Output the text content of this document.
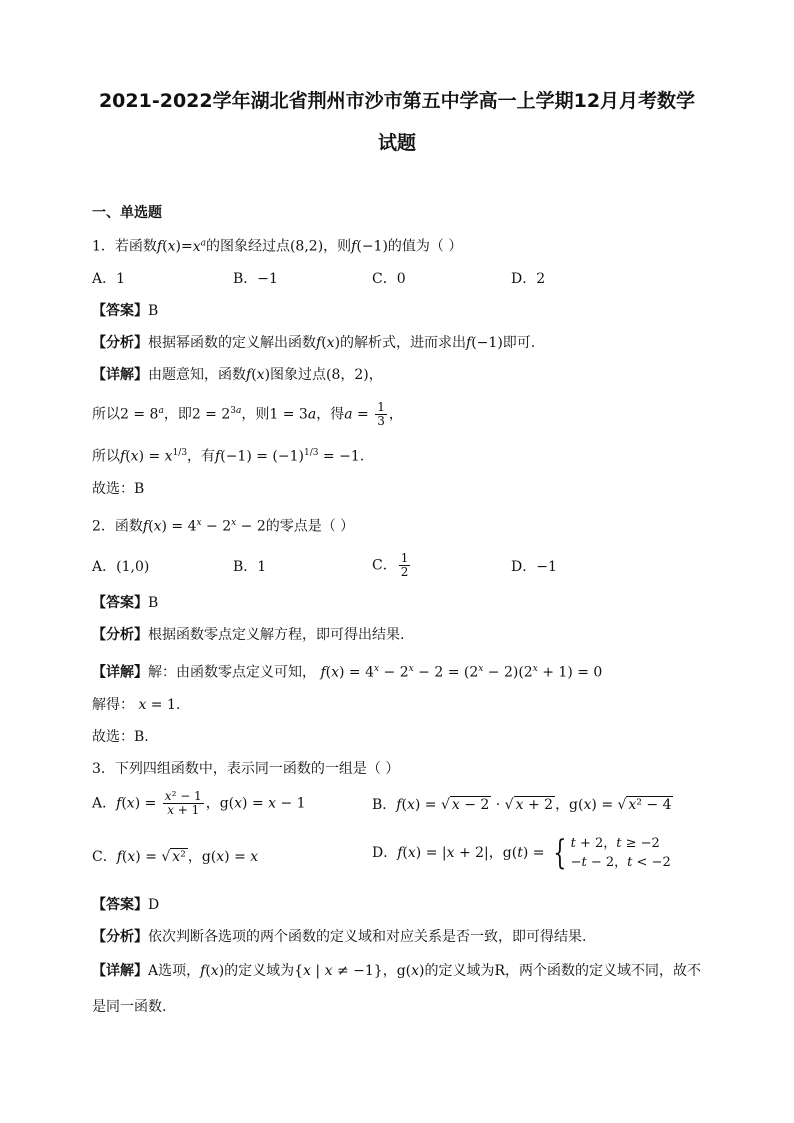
2021-2022学年湖北省荆州市沙市第五中学高一上学期12月月考数学
试题
一、单选题
1．若函数$f(x)=x^a$的图象经过点(8,2)，则f(−1)的值为（ ）
A．1	B．−1	C．0	D．2
【答案】B
【分析】根据幂函数的定义解出函数f(x)的解析式，进而求出f(−1)即可.
【详解】由题意知，函数f(x)图象过点(8，2)，
所以$2 = 8^a$，即$2 = 2^{3a}$，则1 = 3a，得$a = \frac{1}{3}$ ，
所以$f(x) = x^{1/3}$，有$f(-1) = (-1)^{1/3} = -1$.
故选：B
2．函数$f(x) = 4^x - 2^x - 2$的零点是（ ）
A．(1,0)	B．1	C． $\frac{1}{2}$	D．−1
【答案】B
【分析】根据函数零点定义解方程，即可得出结果.
【详解】解：由函数零点定义可知， $f(x) = 4^x - 2^x - 2 = (2^x - 2)(2^x + 1) = 0$
解得： x = 1.
故选：B.
3．下列四组函数中，表示同一函数的一组是（ ）
A．$f(x) = \frac{\text{x² − 1}}{x + 1}$ ，g(x) = x − 1	B．f(x) = √ x − 2 · √ x + 2 ，g(x) = √ x² − 4
C．f(x) = √ x² ，g(x) = x	D．f(x) = |x + 2|，g(t) = { t + 2，t ≥ −2
−t − 2，t < −2
【答案】D
【分析】依次判断各选项的两个函数的定义域和对应关系是否一致，即可得结果.
【详解】A选项，f(x)的定义域为{x | x ≠ −1}，g(x)的定义域为R，两个函数的定义域不同，故不
是同一函数.
